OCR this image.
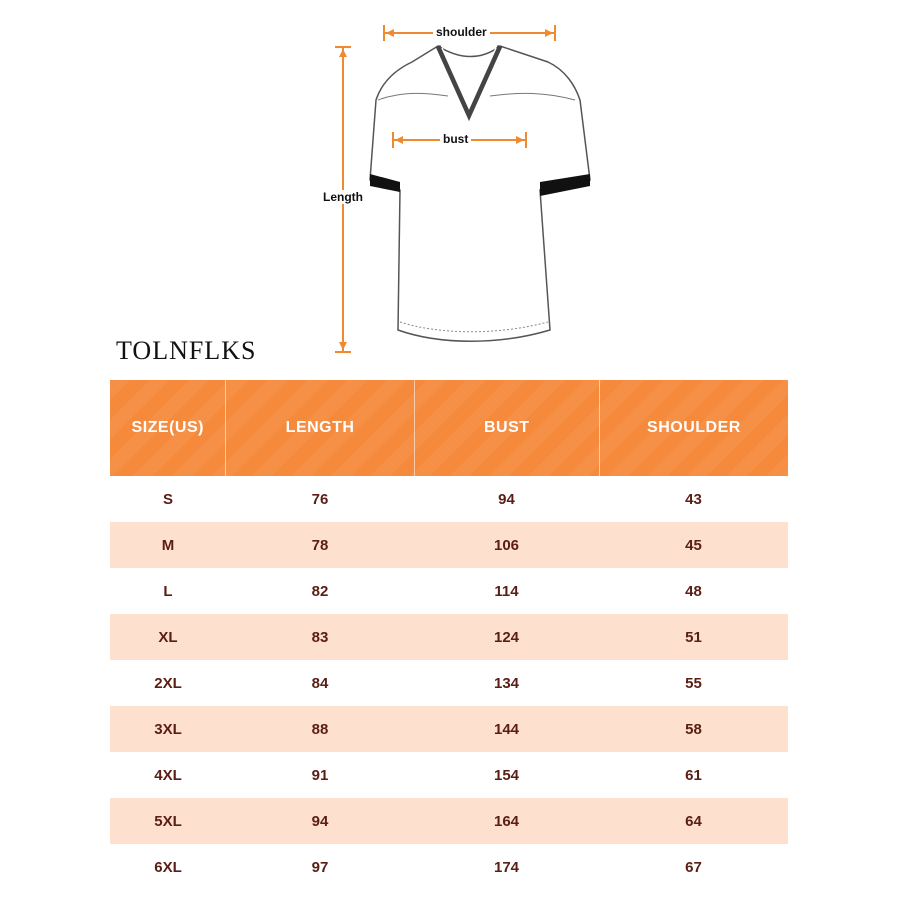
shoulder
bust
Length
TOLNFLKS
SIZE(US)	LENGTH	BUST	SHOULDER
S	76	94	43
M	78	106	45
L	82	114	48
XL	83	124	51
2XL	84	134	55
3XL	88	144	58
4XL	91	154	61
5XL	94	164	64
6XL	97	174	67
